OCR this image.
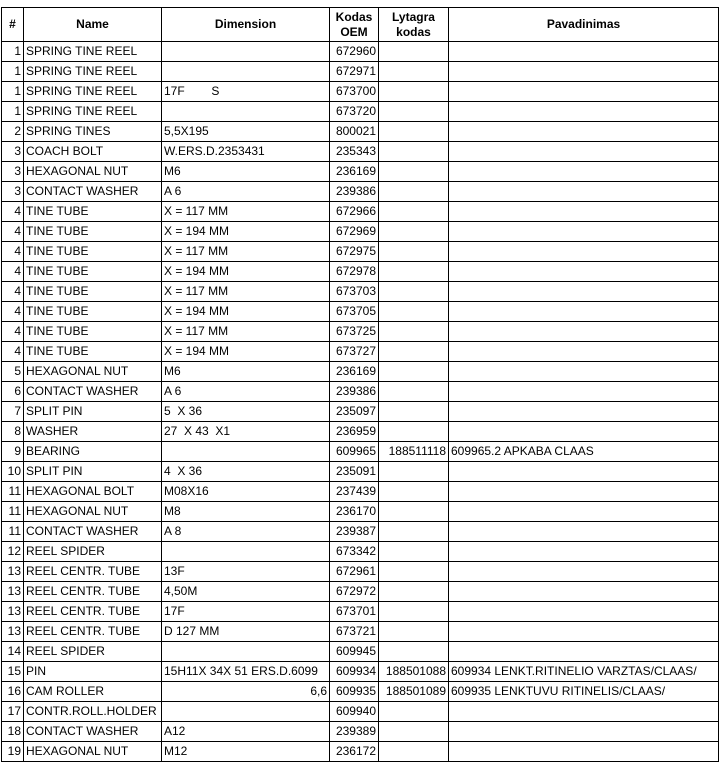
#	Name	Dimension	Kodas OEM	Lytagra kodas	Pavadinimas
1	SPRING TINE REEL		672960		
1	SPRING TINE REEL		672971		
1	SPRING TINE REEL	17F        S	673700		
1	SPRING TINE REEL		673720		
2	SPRING TINES	5,5X195	800021		
3	COACH BOLT	W.ERS.D.2353431	235343		
3	HEXAGONAL NUT	M6	236169		
3	CONTACT WASHER	A 6	239386		
4	TINE TUBE	X = 117 MM	672966		
4	TINE TUBE	X = 194 MM	672969		
4	TINE TUBE	X = 117 MM	672975		
4	TINE TUBE	X = 194 MM	672978		
4	TINE TUBE	X = 117 MM	673703		
4	TINE TUBE	X = 194 MM	673705		
4	TINE TUBE	X = 117 MM	673725		
4	TINE TUBE	X = 194 MM	673727		
5	HEXAGONAL NUT	M6	236169		
6	CONTACT WASHER	A 6	239386		
7	SPLIT PIN	5  X 36	235097		
8	WASHER	27  X 43  X1	236959		
9	BEARING		609965	188511118	609965.2 APKABA CLAAS
10	SPLIT PIN	4  X 36	235091		
11	HEXAGONAL BOLT	M08X16	237439		
11	HEXAGONAL NUT	M8	236170		
11	CONTACT WASHER	A 8	239387		
12	REEL SPIDER		673342		
13	REEL CENTR. TUBE	13F	672961		
13	REEL CENTR. TUBE	4,50M	672972		
13	REEL CENTR. TUBE	17F	673701		
13	REEL CENTR. TUBE	D 127 MM	673721		
14	REEL SPIDER		609945		
15	PIN	15H11X 34X 51 ERS.D.6099	609934	188501088	609934 LENKT.RITINELIO VARZTAS/CLAAS/
16	CAM ROLLER	6,6	609935	188501089	609935 LENKTUVU RITINELIS/CLAAS/
17	CONTR.ROLL.HOLDER		609940		
18	CONTACT WASHER	A12	239389		
19	HEXAGONAL NUT	M12	236172		
